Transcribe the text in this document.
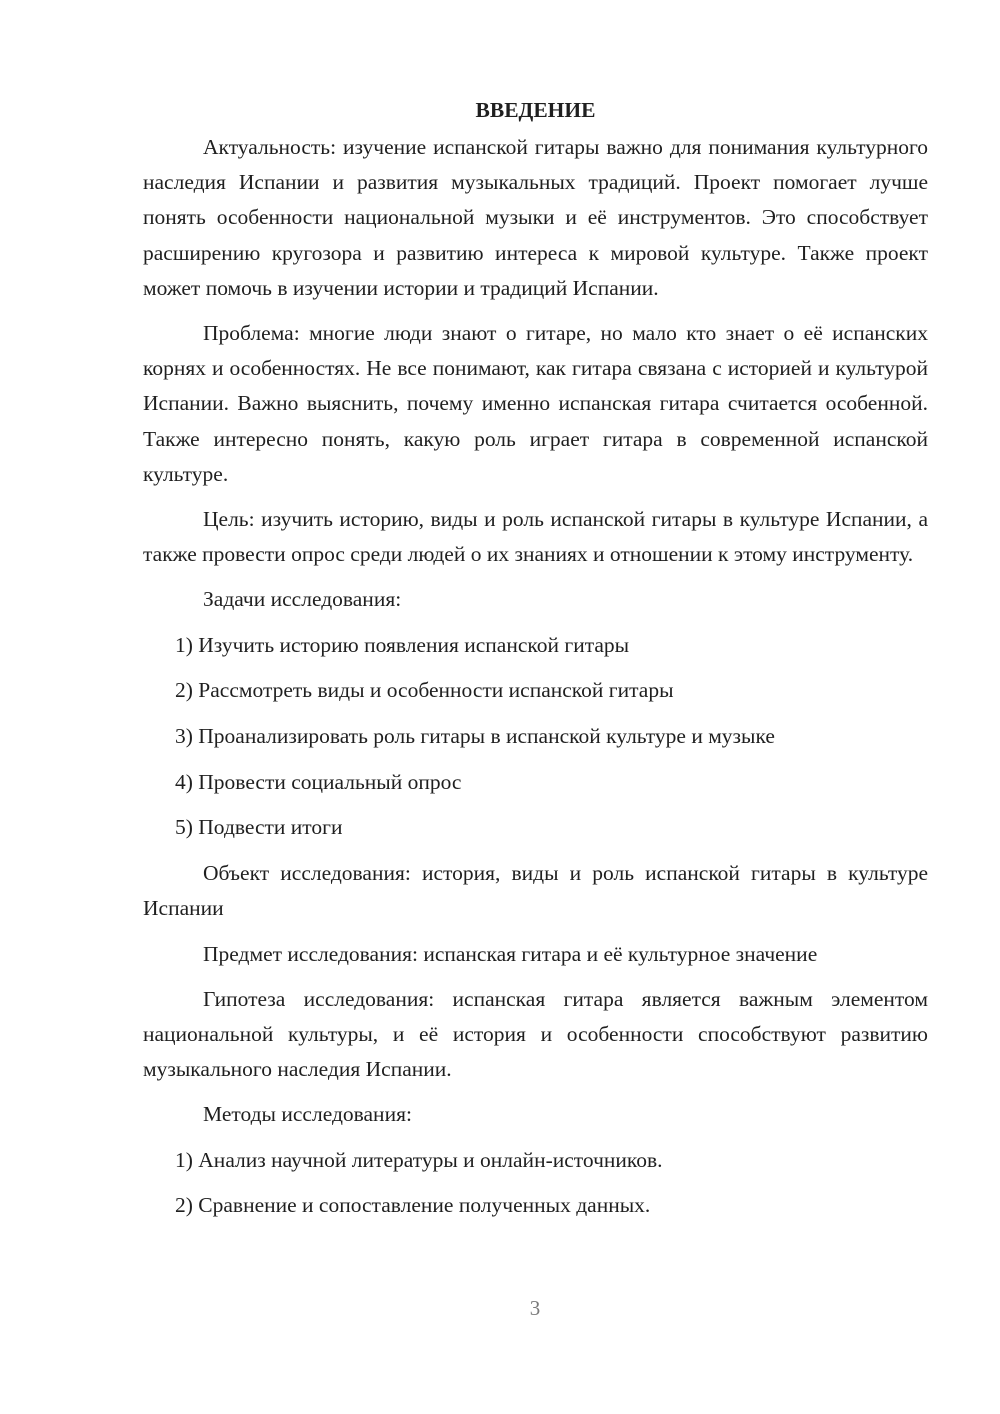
ВВЕДЕНИЕ

Актуальность: изучение испанской гитары важно для понимания культурного наследия Испании и развития музыкальных традиций. Проект помогает лучше понять особенности национальной музыки и её инструментов. Это способствует расширению кругозора и развитию интереса к мировой культуре. Также проект может помочь в изучении истории и традиций Испании.

Проблема: многие люди знают о гитаре, но мало кто знает о её испанских корнях и особенностях. Не все понимают, как гитара связана с историей и культурой Испании. Важно выяснить, почему именно испанская гитара считается особенной. Также интересно понять, какую роль играет гитара в современной испанской культуре.

Цель: изучить историю, виды и роль испанской гитары в культуре Испании, а также провести опрос среди людей о их знаниях и отношении к этому инструменту.

Задачи исследования:

1) Изучить историю появления испанской гитары
2) Рассмотреть виды и особенности испанской гитары
3) Проанализировать роль гитары в испанской культуре и музыке
4) Провести социальный опрос
5) Подвести итоги

Объект исследования: история, виды и роль испанской гитары в культуре Испании

Предмет исследования: испанская гитара и её культурное значение

Гипотеза исследования: испанская гитара является важным элементом национальной культуры, и её история и особенности способствуют развитию музыкального наследия Испании.

Методы исследования:

1) Анализ научной литературы и онлайн-источников.
2) Сравнение и сопоставление полученных данных.
3
